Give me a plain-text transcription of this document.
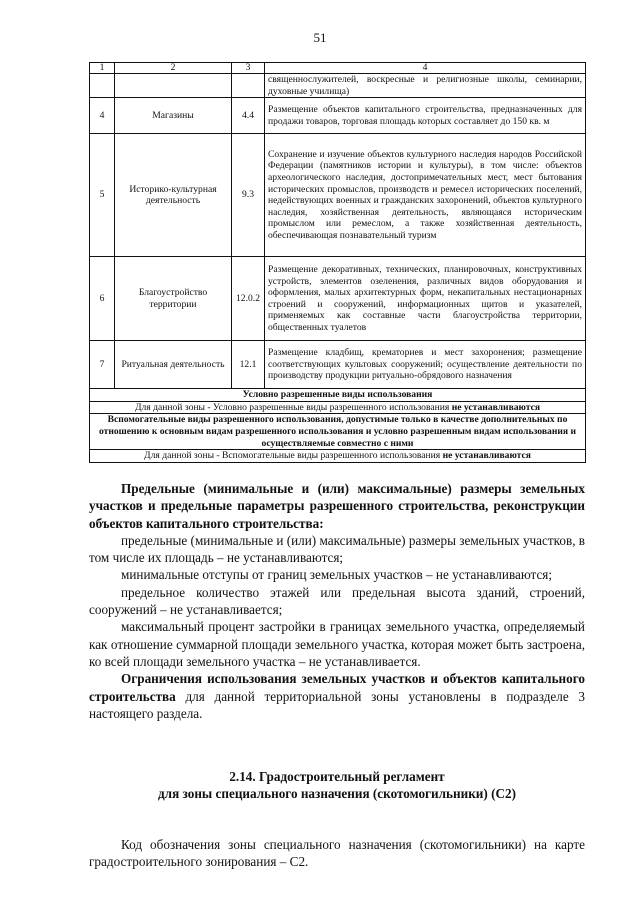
51
1	2	3	4
			священнослужителей, воскресные и религиозные школы, семинарии, духовные училища)
4	Магазины	4.4	Размещение объектов капитального строительства, предназначенных для продажи товаров, торговая площадь которых составляет до 150 кв. м
5	Историко-культурная деятельность	9.3	Сохранение и изучение объектов культурного наследия народов Российской Федерации (памятников истории и культуры), в том числе: объектов археологического наследия, достопримечательных мест, мест бытования исторических промыслов, производств и ремесел исторических поселений, недействующих военных и гражданских захоронений, объектов культурного наследия, хозяйственная деятельность, являющаяся историческим промыслом или ремеслом, а также хозяйственная деятельность, обеспечивающая познавательный туризм
6	Благоустройство территории	12.0.2	Размещение декоративных, технических, планировочных, конструктивных устройств, элементов озеленения, различных видов оборудования и оформления, малых архитектурных форм, некапитальных нестационарных строений и сооружений, информационных щитов и указателей, применяемых как составные части благоустройства территории, общественных туалетов
7	Ритуальная деятельность	12.1	Размещение кладбищ, крематориев и мест захоронения; размещение соответствующих культовых сооружений; осуществление деятельности по производству продукции ритуально-обрядового назначения
Условно разрешенные виды использования			
Для данной зоны - Условно разрешенные виды разрешенного использования не устанавливаются			
Вспомогательные виды разрешенного использования, допустимые только в качестве дополнительных по отношению к основным видам разрешенного использования и условно разрешенным видам использования и осуществляемые совместно с ними			
Для данной зоны - Вспомогательные виды разрешенного использования не устанавливаются			

Предельные (минимальные и (или) максимальные) размеры земельных участков и предельные параметры разрешенного строительства, реконструкции объектов капитального строительства:

предельные (минимальные и (или) максимальные) размеры земельных участков, в том числе их площадь – не устанавливаются;

минимальные отступы от границ земельных участков – не устанавливаются;

предельное количество этажей или предельная высота зданий, строений, сооружений – не устанавливается;

максимальный процент застройки в границах земельного участка, определяемый как отношение суммарной площади земельного участка, которая может быть застроена, ко всей площади земельного участка – не устанавливается.

Ограничения использования земельных участков и объектов капитального строительства для данной территориальной зоны установлены в подразделе 3 настоящего раздела.

2.14. Градостроительный регламент

для зоны специального назначения (скотомогильники) (С2)

Код обозначения зоны специального назначения (скотомогильники) на карте градостроительного зонирования – С2.
